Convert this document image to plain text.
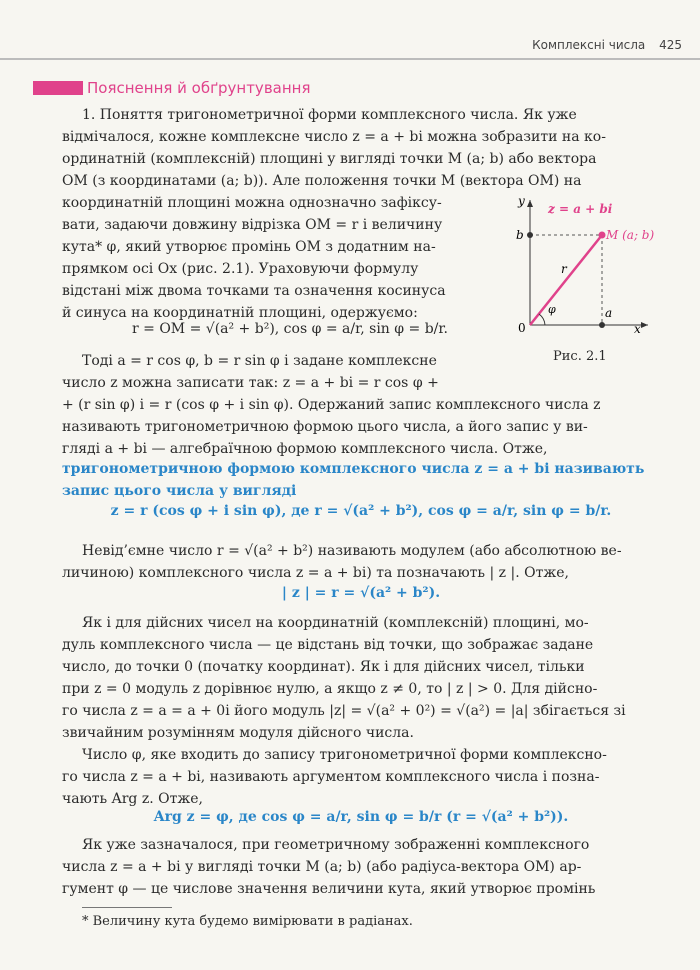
Комплексні числа 425
Пояснення й обґрунтування
1. Поняття тригонометричної форми комплексного числа. Як уже
відмічалося, кожне комплексне число z = a + bi можна зобразити на ко-
ординатній (комплексній) площині у вигляді точки M (a; b) або вектора
OM (з координатами (a; b)). Але положення точки M (вектора OM) на
координатній площині можна однозначно зафіксу-
вати, задаючи довжину відрізка OM = r і величину
кута* φ, який утворює промінь OM з додатним на-
прямком осі Ox (рис. 2.1). Ураховуючи формулу
відстані між двома точками та означення косинуса
й синуса на координатній площині, одержуємо:
r = OM = √(a² + b²), cos φ = a/r, sin φ = b/r.
y
z = a + bi
b	M (a; b)
r
φ	a
0	x
Рис. 2.1
Тоді a = r cos φ, b = r sin φ і задане комплексне
число z можна записати так: z = a + bi = r cos φ +
+ (r sin φ) i = r (cos φ + i sin φ). Одержаний запис комплексного числа z
називають тригонометричною формою цього числа, а його запис у ви-
гляді a + bi — алгебраїчною формою комплексного числа. Отже,
тригонометричною формою комплексного числа z = a + bi називають
запис цього числа у вигляді
z = r (cos φ + i sin φ), де r = √(a² + b²), cos φ = a/r, sin φ = b/r.
Невід’ємне число r = √(a² + b²) називають модулем (або абсолютною ве-
личиною) комплексного числа z = a + bi) та позначають | z |. Отже,
| z | = r = √(a² + b²).
Як і для дійсних чисел на координатній (комплексній) площині, мо-
дуль комплексного числа — це відстань від точки, що зображає задане
число, до точки 0 (початку координат). Як і для дійсних чисел, тільки
при z = 0 модуль z дорівнює нулю, а якщо z ≠ 0, то | z | > 0. Для дійсно-
го числа z = a = a + 0i його модуль |z| = √(a² + 0²) = √(a²) = |a| збігається зі
звичайним розумінням модуля дійсного числа.
Число φ, яке входить до запису тригонометричної форми комплексно-
го числа z = a + bi, називають аргументом комплексного числа і позна-
чають Arg z. Отже,
Arg z = φ, де cos φ = a/r, sin φ = b/r (r = √(a² + b²)).
Як уже зазначалося, при геометричному зображенні комплексного
числа z = a + bi у вигляді точки M (a; b) (або радіуса-вектора OM) ар-
гумент φ — це числове значення величини кута, який утворює промінь
* Величину кута будемо вимірювати в радіанах.
